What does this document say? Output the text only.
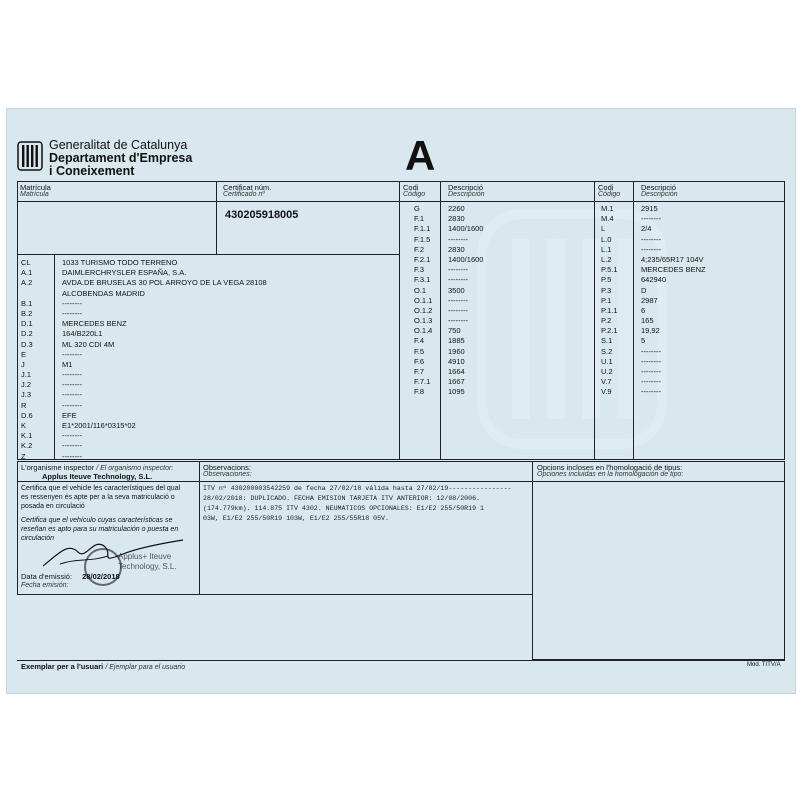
Generalitat de Catalunya
Departament d'Empresa
i Coneixement	A
Matrícula
Matrícula
Certificat núm.
Certificado nº
430205918005
CL
A.1
A.2
B.1
B.2
D.1
D.2
D.3
E
J
J.1
J.2
J.3
R
D.6
K
K.1
K.2
Z
1033 TURISMO TODO TERRENO
DAIMLERCHRYSLER ESPAÑA, S.A.
AVDA.DE BRUSELAS 30 POL ARROYO DE LA VEGA 28108
ALCOBENDAS MADRID
--------
--------
MERCEDES BENZ
164/B220L1
ML 320 CDI 4M
--------
M1
--------
--------
--------
--------
EFE
E1*2001/116*0315*02
--------
--------
--------
Codi
Código
Descripció
Descripción
G
F.1
F.1.1
F.1.5
F.2
F.2.1
F.3
F.3.1
O.1
O.1.1
O.1.2
O.1.3
O.1.4
F.4
F.5
F.6
F.7
F.7.1
F.8
2260
2830
1400/1600
--------
2830
1400/1600
--------
--------
3500
--------
--------
--------
750
1885
1960
4910
1664
1667
1095
Codi
Código
Descripció
Descripción
M.1
M.4
L
L.0
L.1
L.2
P.5.1
P.5
P.3
P.1
P.1.1
P.2
P.2.1
S.1
S.2
U.1
U.2
V.7
V.9
2915
--------
2/4
--------
--------
4;235/65R17 104V
MERCEDES BENZ
642940
D
2987
6
165
19,92
5
--------
--------
--------
--------
--------
L'organisme inspector / El organismo inspector:
Applus Iteuve Technology, S.L.
Certifica que el vehicle les característiques del qual es ressenyen és apte per a la seva matriculació o posada en circulació
Certifica que el vehículo cuyas características se reseñan es apto para su matriculación o puesta en circulación
Applus+ Iteuve
Technology, S.L.
Data d'emissió: 28/02/2018
Fecha emisión:
Observacions:
Observaciones:
ITV nº 430200003542259 de fecha 27/02/18 válida hasta 27/02/19----------------
28/02/2018: DUPLICADO. FECHA EMISION TARJETA ITV ANTERIOR: 12/08/2006.
(174.779km). 114.875 ITV 4302. NEUMATICOS OPCIONALES: E1/E2 255/50R19 1
03W, E1/E2 255/50R19 103W, E1/E2 255/55R18 05V.
Opcions incloses en l'homologació de tipus:
Opciones incluidas en la homologación de tipo:
Exemplar per a l'usuari / Ejemplar para el usuario	Mod. TITV/A
